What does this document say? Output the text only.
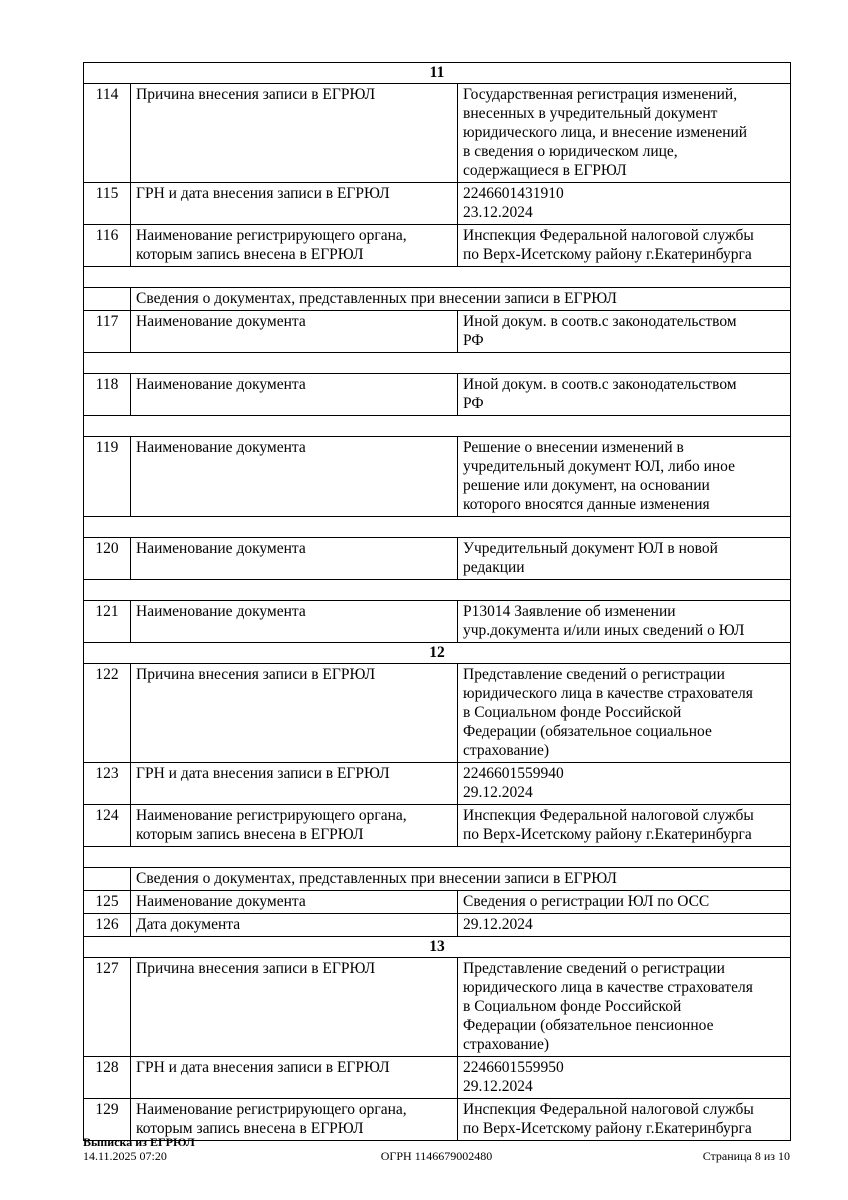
11		
114	Причина внесения записи в ЕГРЮЛ	Государственная регистрация изменений,
внесенных в учредительный документ
юридического лица, и внесение изменений
в сведения о юридическом лице,
содержащиеся в ЕГРЮЛ

115	ГРН и дата внесения записи в ЕГРЮЛ	2246601431910
23.12.2024

116	Наименование регистрирующего органа, которым запись внесена в ЕГРЮЛ	Инспекция Федеральной налоговой службы
по Верх-Исетскому району г.Екатеринбурга

	Сведения о документах, представленных при внесении записи в ЕГРЮЛ	
117	Наименование документа	Иной докум. в соотв.с законодательством
РФ

118	Наименование документа	Иной докум. в соотв.с законодательством
РФ

119	Наименование документа	Решение о внесении изменений в
учредительный документ ЮЛ, либо иное
решение или документ, на основании
которого вносятся данные изменения

120	Наименование документа	Учредительный документ ЮЛ в новой
редакции

121	Наименование документа	Р13014 Заявление об изменении
учр.документа и/или иных сведений о ЮЛ

12		
122	Причина внесения записи в ЕГРЮЛ	Представление сведений о регистрации
юридического лица в качестве страхователя
в Социальном фонде Российской
Федерации (обязательное социальное
страхование)

123	ГРН и дата внесения записи в ЕГРЮЛ	2246601559940
29.12.2024

124	Наименование регистрирующего органа, которым запись внесена в ЕГРЮЛ	Инспекция Федеральной налоговой службы
по Верх-Исетскому району г.Екатеринбурга

	Сведения о документах, представленных при внесении записи в ЕГРЮЛ	
125	Наименование документа	Сведения о регистрации ЮЛ по ОСС

126	Дата документа	29.12.2024

13		
127	Причина внесения записи в ЕГРЮЛ	Представление сведений о регистрации
юридического лица в качестве страхователя
в Социальном фонде Российской
Федерации (обязательное пенсионное
страхование)

128	ГРН и дата внесения записи в ЕГРЮЛ	2246601559950
29.12.2024

129	Наименование регистрирующего органа, которым запись внесена в ЕГРЮЛ	Инспекция Федеральной налоговой службы
по Верх-Исетскому району г.Екатеринбурга
Выписка из ЕГРЮЛ
14.11.2025 07:20	ОГРН 1146679002480	Страница 8 из 10
